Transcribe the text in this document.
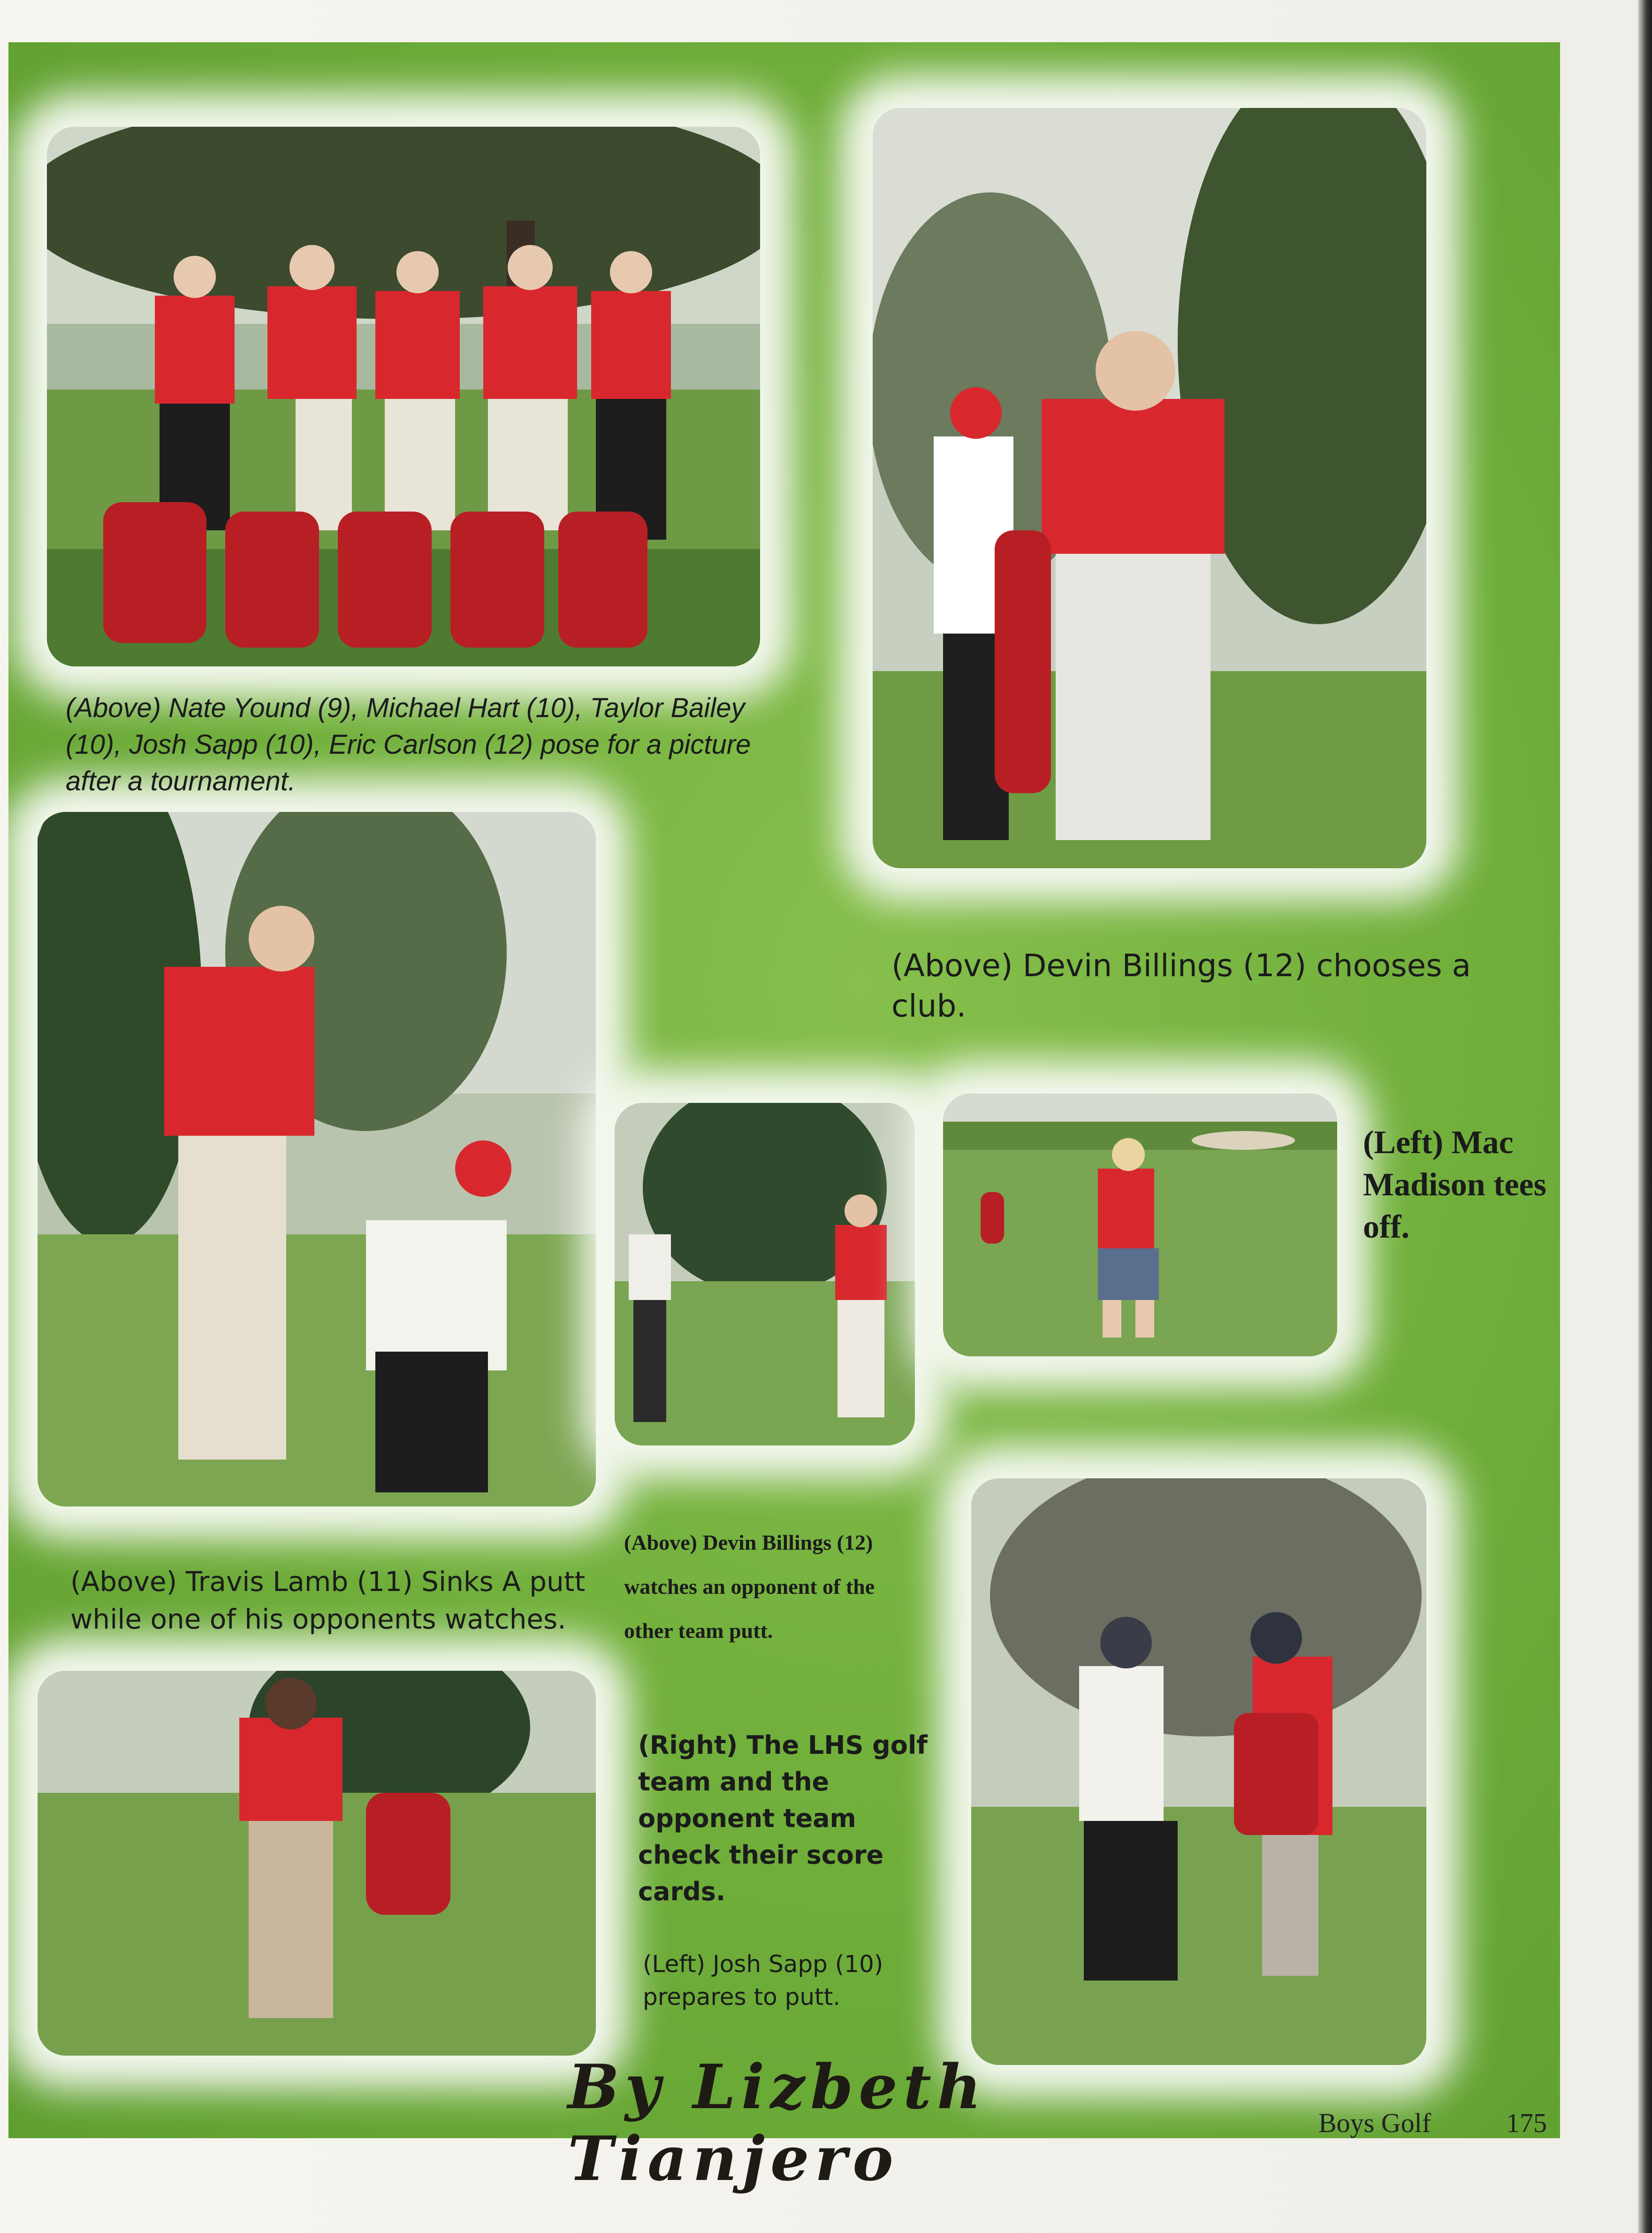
(Above) Nate Yound (9), Michael Hart (10), Taylor Bailey (10), Josh Sapp (10), Eric Carlson (12) pose for a picture after a tournament.
(Above) Devin Billings (12) chooses a club.
(Left) Mac Madison tees off.
(Above) Travis Lamb (11) Sinks A putt while one of his opponents watches.
(Above) Devin Billings (12) watches an opponent of the other team putt.
(Right) The LHS golf team and the opponent team check their score cards.
(Left) Josh Sapp (10) prepares to putt.
By Lizbeth Tianjero	Boys Golf	175
